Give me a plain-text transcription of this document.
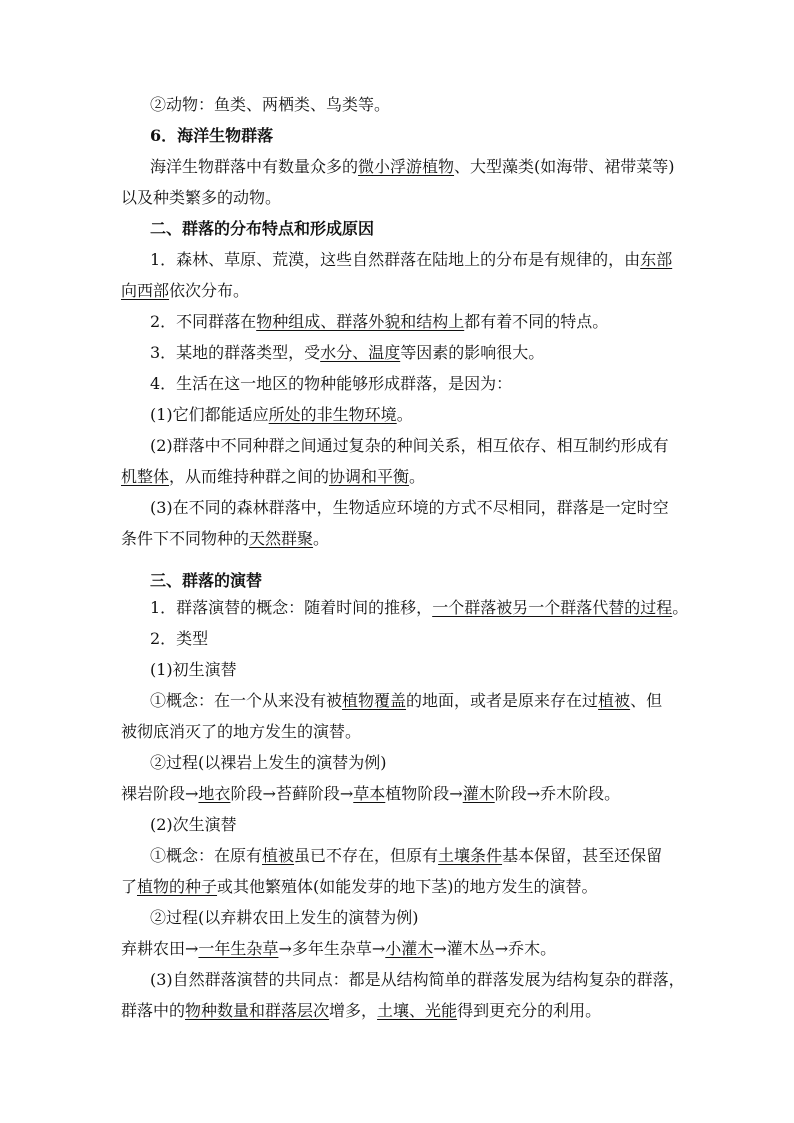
②动物：鱼类、两栖类、鸟类等。
6．海洋生物群落
海洋生物群落中有数量众多的微小浮游植物、大型藻类(如海带、裙带菜等)
以及种类繁多的动物。
二、群落的分布特点和形成原因
1．森林、草原、荒漠，这些自然群落在陆地上的分布是有规律的，由东部
向西部依次分布。
2．不同群落在物种组成、群落外貌和结构上都有着不同的特点。
3．某地的群落类型，受水分、温度等因素的影响很大。
4．生活在这一地区的物种能够形成群落，是因为：
(1)它们都能适应所处的非生物环境。
(2)群落中不同种群之间通过复杂的种间关系，相互依存、相互制约形成有
机整体，从而维持种群之间的协调和平衡。
(3)在不同的森林群落中，生物适应环境的方式不尽相同，群落是一定时空
条件下不同物种的天然群聚。
三、群落的演替
1．群落演替的概念：随着时间的推移，一个群落被另一个群落代替的过程。
2．类型
(1)初生演替
①概念：在一个从来没有被植物覆盖的地面，或者是原来存在过植被、但
被彻底消灭了的地方发生的演替。
②过程(以裸岩上发生的演替为例)
裸岩阶段→地衣阶段→苔藓阶段→草本植物阶段→灌木阶段→乔木阶段。
(2)次生演替
①概念：在原有植被虽已不存在，但原有土壤条件基本保留，甚至还保留
了植物的种子或其他繁殖体(如能发芽的地下茎)的地方发生的演替。
②过程(以弃耕农田上发生的演替为例)
弃耕农田→一年生杂草→多年生杂草→小灌木→灌木丛→乔木。
(3)自然群落演替的共同点：都是从结构简单的群落发展为结构复杂的群落，
群落中的物种数量和群落层次增多，土壤、光能得到更充分的利用。
